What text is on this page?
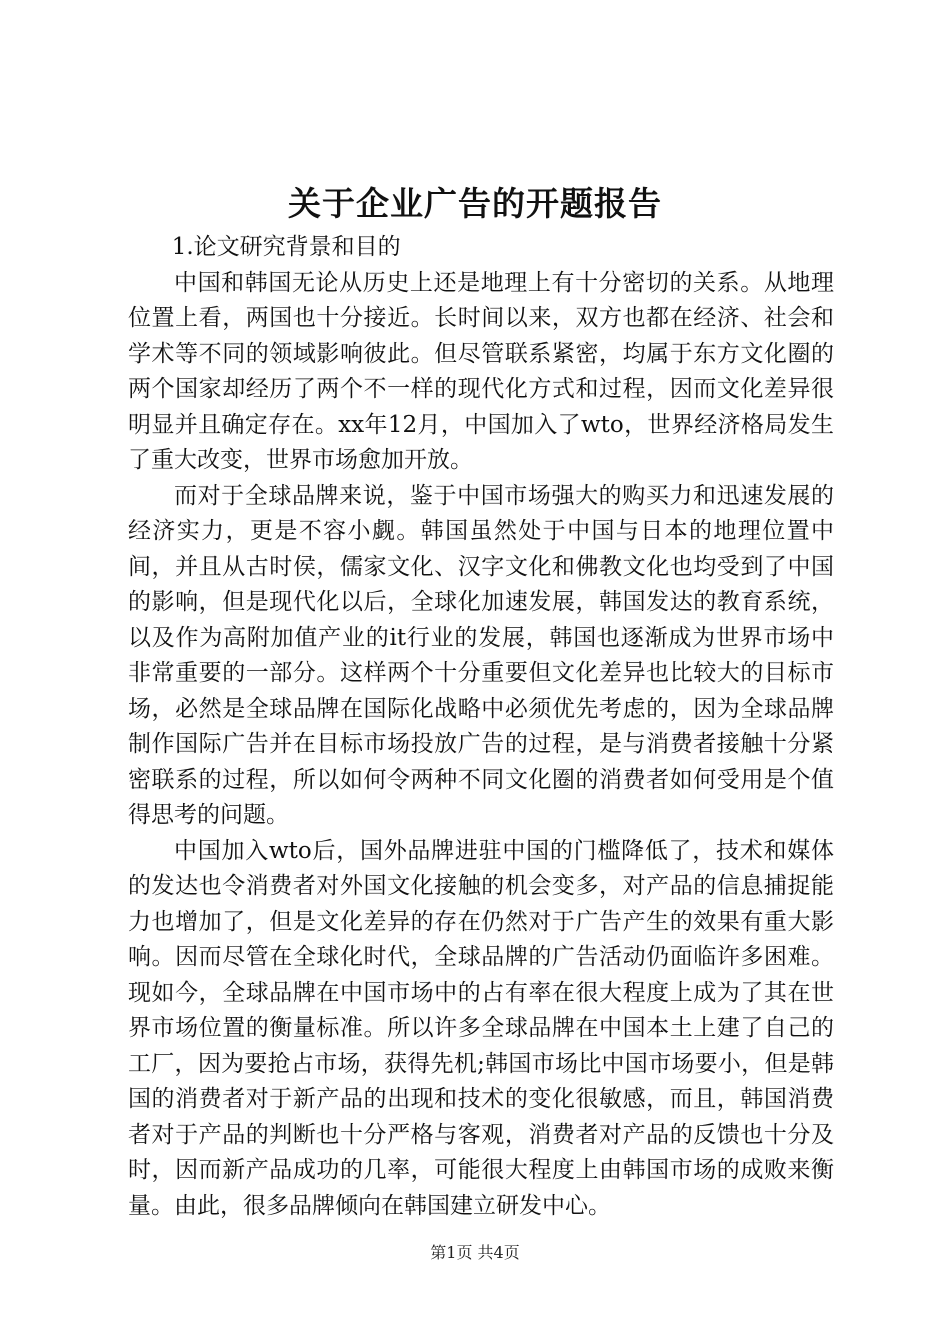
关于企业广告的开题报告
1.论文研究背景和目的

中国和韩国无论从历史上还是地理上有十分密切的关系。从地理位置上看，两国也十分接近。长时间以来，双方也都在经济、社会和学术等不同的领域影响彼此。但尽管联系紧密，均属于东方文化圈的两个国家却经历了两个不一样的现代化方式和过程，因而文化差异很明显并且确定存在。xx年12月，中国加入了wto，世界经济格局发生了重大改变，世界市场愈加开放。

而对于全球品牌来说，鉴于中国市场强大的购买力和迅速发展的经济实力，更是不容小觑。韩国虽然处于中国与日本的地理位置中间，并且从古时侯，儒家文化、汉字文化和佛教文化也均受到了中国的影响，但是现代化以后，全球化加速发展，韩国发达的教育系统，以及作为高附加值产业的it行业的发展，韩国也逐渐成为世界市场中非常重要的一部分。这样两个十分重要但文化差异也比较大的目标市场，必然是全球品牌在国际化战略中必须优先考虑的，因为全球品牌制作国际广告并在目标市场投放广告的过程，是与消费者接触十分紧密联系的过程，所以如何令两种不同文化圈的消费者如何受用是个值得思考的问题。

中国加入wto后，国外品牌进驻中国的门槛降低了，技术和媒体的发达也令消费者对外国文化接触的机会变多，对产品的信息捕捉能力也增加了，但是文化差异的存在仍然对于广告产生的效果有重大影响。因而尽管在全球化时代，全球品牌的广告活动仍面临许多困难。现如今，全球品牌在中国市场中的占有率在很大程度上成为了其在世界市场位置的衡量标准。所以许多全球品牌在中国本土上建了自己的工厂，因为要抢占市场，获得先机;韩国市场比中国市场要小，但是韩国的消费者对于新产品的出现和技术的变化很敏感，而且，韩国消费者对于产品的判断也十分严格与客观，消费者对产品的反馈也十分及时，因而新产品成功的几率，可能很大程度上由韩国市场的成败来衡量。由此，很多品牌倾向在韩国建立研发中心。

第1页 共4页
